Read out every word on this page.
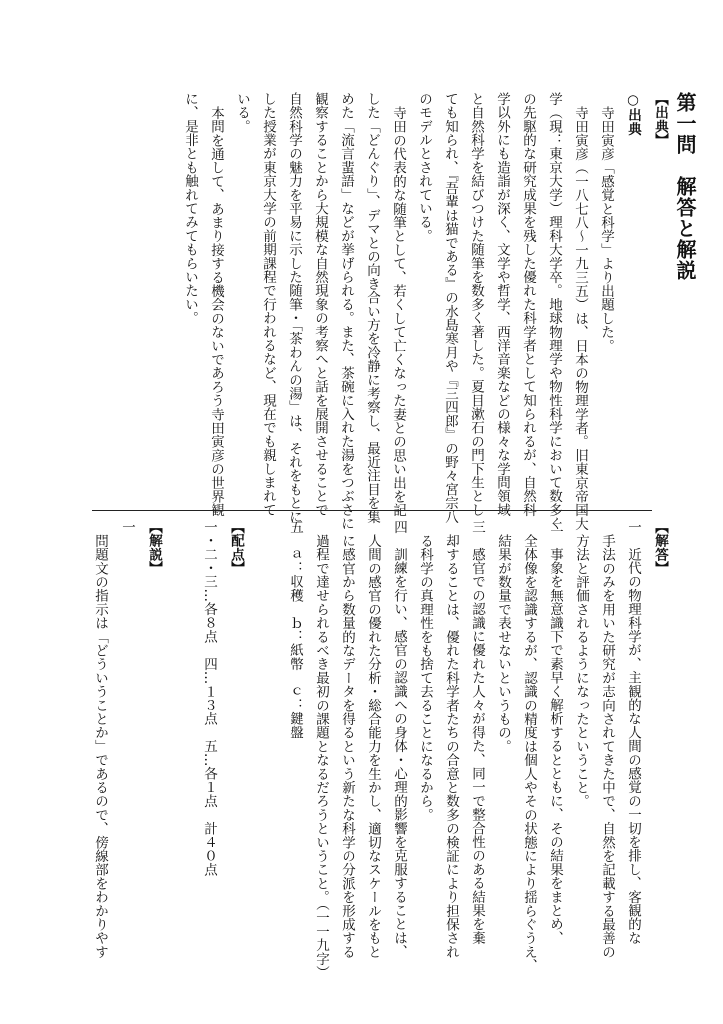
第一問　解答と解説
【出典】
○出典
寺田寅彦「感覚と科学」より出題した。
寺田寅彦（一八七八〜一九三五）は、日本の物理学者。旧東京帝国大
学（現：東京大学）理科大学卒。地球物理学や物性科学において数多く
の先駆的な研究成果を残した優れた科学者として知られるが、自然科
学以外にも造詣が深く、文学や哲学、西洋音楽などの様々な学問領域
と自然科学を結びつけた随筆を数多く著した。夏目漱石の門下生とし
ても知られ、『吾輩は猫である』の水島寒月や『三四郎』の野々宮宗八
のモデルとされている。
寺田の代表的な随筆として、若くして亡くなった妻との思い出を記
した「どんぐり」、デマとの向き合い方を冷静に考察し、最近注目を集
めた「流言蜚語」などが挙げられる。また、茶碗に入れた湯をつぶさに
観察することから大規模な自然現象の考察へと話を展開させることで
自然科学の魅力を平易に示した随筆・「茶わんの湯」は、それをもとに
した授業が東京大学の前期課程で行われるなど、現在でも親しまれて
いる。
本問を通して、あまり接する機会のないであろう寺田寅彦の世界観
に、是非とも触れてみてもらいたい。
【解答】
一　近代の物理科学が、主観的な人間の感覚の一切を排し、客観的な
手法のみを用いた研究が志向されてきた中で、自然を記載する最善の
方法と評価されるようになったということ。
二　事象を無意識下で素早く解析するとともに、その結果をまとめ、
全体像を認識するが、認識の精度は個人やその状態により揺らぐうえ、
結果が数量で表せないというもの。
三　感官での認識に優れた人々が得た、同一で整合性のある結果を棄
却することは、優れた科学者たちの合意と数多の検証により担保され
る科学の真理性をも捨て去ることになるから。
四　訓練を行い、感官の認識への身体・心理的影響を克服することは、
人間の感官の優れた分析・総合能力を生かし、適切なスケールをもと
に感官から数量的なデータを得るという新たな科学の分派を形成する
過程で達せられるべき最初の課題となるだろうということ。（一一九字）
五　ａ：収穫　ｂ：紙幣　ｃ：鍵盤
【配点】
一・二・三…各８点　四…１３点　五…各１点　計４０点
【解説】
一
問題文の指示は「どういうことか」であるので、傍線部をわかりやす
